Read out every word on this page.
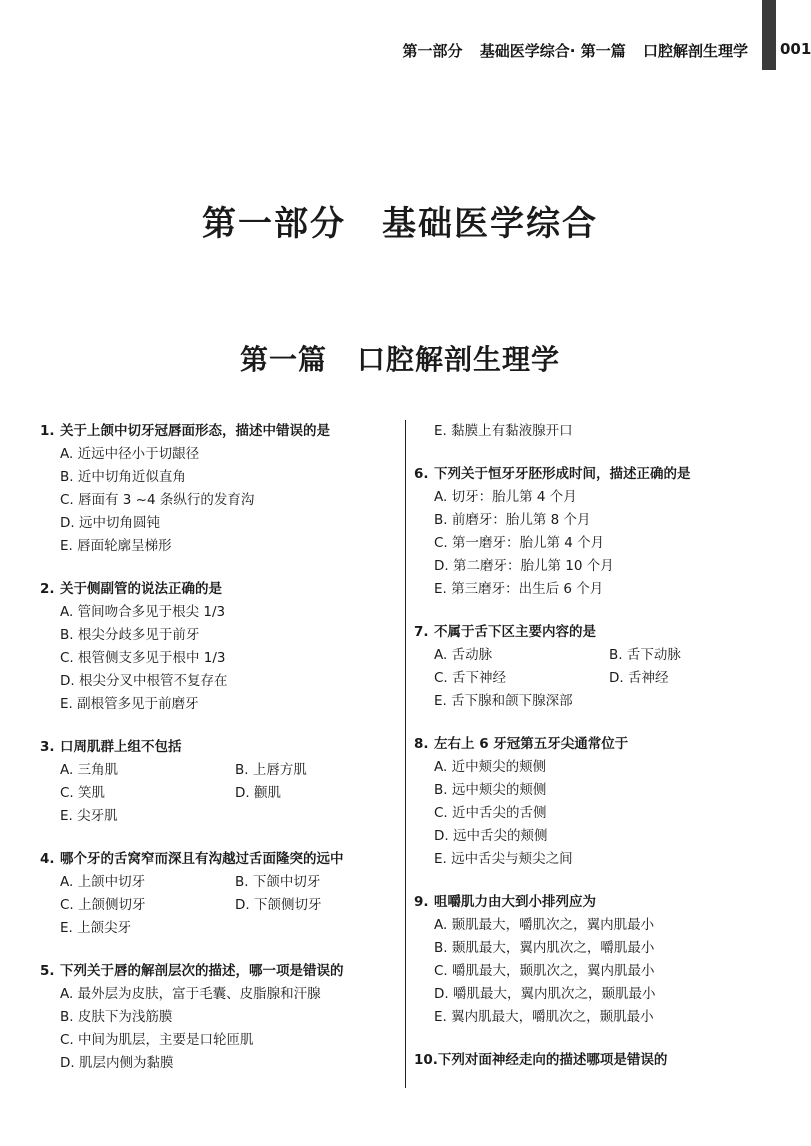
第一部分 基础医学综合· 第一篇 口腔解剖生理学 001
第一部分 基础医学综合
第一篇 口腔解剖生理学
1. 关于上颌中切牙冠唇面形态，描述中错误的是
A. 近远中径小于切龈径
B. 近中切角近似直角
C. 唇面有 3 ~4 条纵行的发育沟
D. 远中切角圆钝
E. 唇面轮廓呈梯形
2. 关于侧副管的说法正确的是
A. 管间吻合多见于根尖 1/3
B. 根尖分歧多见于前牙
C. 根管侧支多见于根中 1/3
D. 根尖分叉中根管不复存在
E. 副根管多见于前磨牙
3. 口周肌群上组不包括
A. 三角肌	B. 上唇方肌
C. 笑肌	D. 颧肌
E. 尖牙肌
4. 哪个牙的舌窝窄而深且有沟越过舌面隆突的远中
A. 上颌中切牙	B. 下颌中切牙
C. 上颌侧切牙	D. 下颌侧切牙
E. 上颌尖牙
5. 下列关于唇的解剖层次的描述，哪一项是错误的
A. 最外层为皮肤，富于毛囊、皮脂腺和汗腺
B. 皮肤下为浅筋膜
C. 中间为肌层，主要是口轮匝肌
D. 肌层内侧为黏膜
E. 黏膜上有黏液腺开口
6. 下列关于恒牙牙胚形成时间，描述正确的是
A. 切牙：胎儿第 4 个月
B. 前磨牙：胎儿第 8 个月
C. 第一磨牙：胎儿第 4 个月
D. 第二磨牙：胎儿第 10 个月
E. 第三磨牙：出生后 6 个月
7. 不属于舌下区主要内容的是
A. 舌动脉	B. 舌下动脉
C. 舌下神经	D. 舌神经
E. 舌下腺和颌下腺深部
8. 左右上 6 牙冠第五牙尖通常位于
A. 近中颊尖的颊侧
B. 远中颊尖的颊侧
C. 近中舌尖的舌侧
D. 远中舌尖的颊侧
E. 远中舌尖与颊尖之间
9. 咀嚼肌力由大到小排列应为
A. 颞肌最大，嚼肌次之，翼内肌最小
B. 颞肌最大，翼内肌次之，嚼肌最小
C. 嚼肌最大，颞肌次之，翼内肌最小
D. 嚼肌最大，翼内肌次之，颞肌最小
E. 翼内肌最大，嚼肌次之，颞肌最小
10.下列对面神经走向的描述哪项是错误的
